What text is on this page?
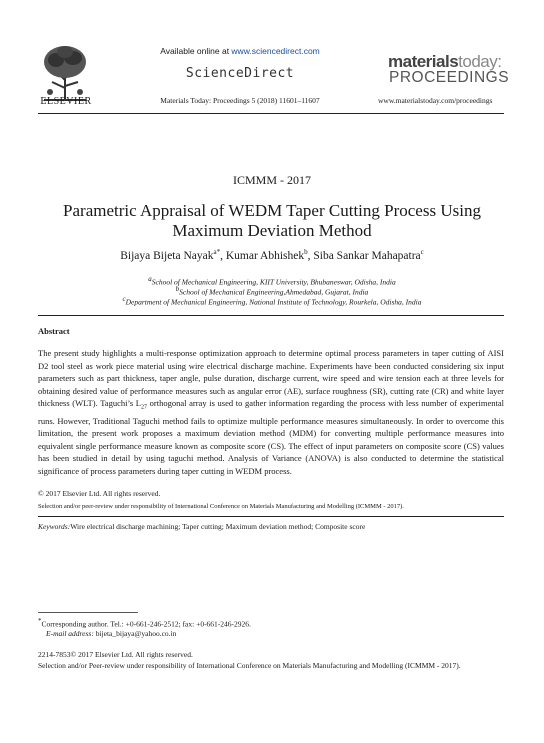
ELSEVIER
Available online at www.sciencedirect.com
ScienceDirect
Materials Today: Proceedings 5 (2018) 11601–11607
materialstoday:
PROCEEDINGS
www.materialstoday.com/proceedings
ICMMM - 2017
Parametric Appraisal of WEDM Taper Cutting Process Using Maximum Deviation Method
Bijaya Bijeta Nayak$^{a*}$, Kumar Abhishek$^b$, Siba Sankar Mahapatra$^c$
$^a$School of Mechanical Engineering, KIIT University, Bhubaneswar, Odisha, India
$^b$School of Mechanical Engineering,Ahmedabad, Gujarat, India
$^c$Department of Mechanical Engineering, National Institute of Technology, Rourkela, Odisha, India
Abstract
The present study highlights a multi-response optimization approach to determine optimal process parameters in taper cutting of AISI D2 tool steel as work piece material using wire electrical discharge machine. Experiments have been conducted considering six input parameters such as part thickness, taper angle, pulse duration, discharge current, wire speed and wire tension each at three levels for obtaining desired value of performance measures such as angular error (AE), surface roughness (SR), cutting rate (CR) and white layer thickness (WLT). Taguchi’s $L_{27}$ orthogonal array is used to gather information regarding the process with less number of experimental runs. However, Traditional Taguchi method fails to optimize multiple performance measures simultaneously. In order to overcome this limitation, the present work proposes a maximum deviation method (MDM) for converting multiple performance measures into equivalent single performance measure known as composite score (CS). The effect of input parameters on composite score (CS) values has been studied in detail by using taguchi method. Analysis of Variance (ANOVA) is also conducted to determine the statistical significance of process parameters during taper cutting in WEDM process.
© 2017 Elsevier Ltd. All rights reserved.
Selection and/or peer-review under responsibility of International Conference on Materials Manufacturing and Modelling (ICMMM - 2017).
Keywords:Wire electrical discharge machining; Taper cutting; Maximum deviation method; Composite score
*Corresponding author. Tel.: +0-661-246-2512; fax: +0-661-246-2926.
E-mail address: bijeta_bijaya@yahoo.co.in
2214-7853© 2017 Elsevier Ltd. All rights reserved.
Selection and/or Peer-review under responsibility of International Conference on Materials Manufacturing and Modelling (ICMMM - 2017).
